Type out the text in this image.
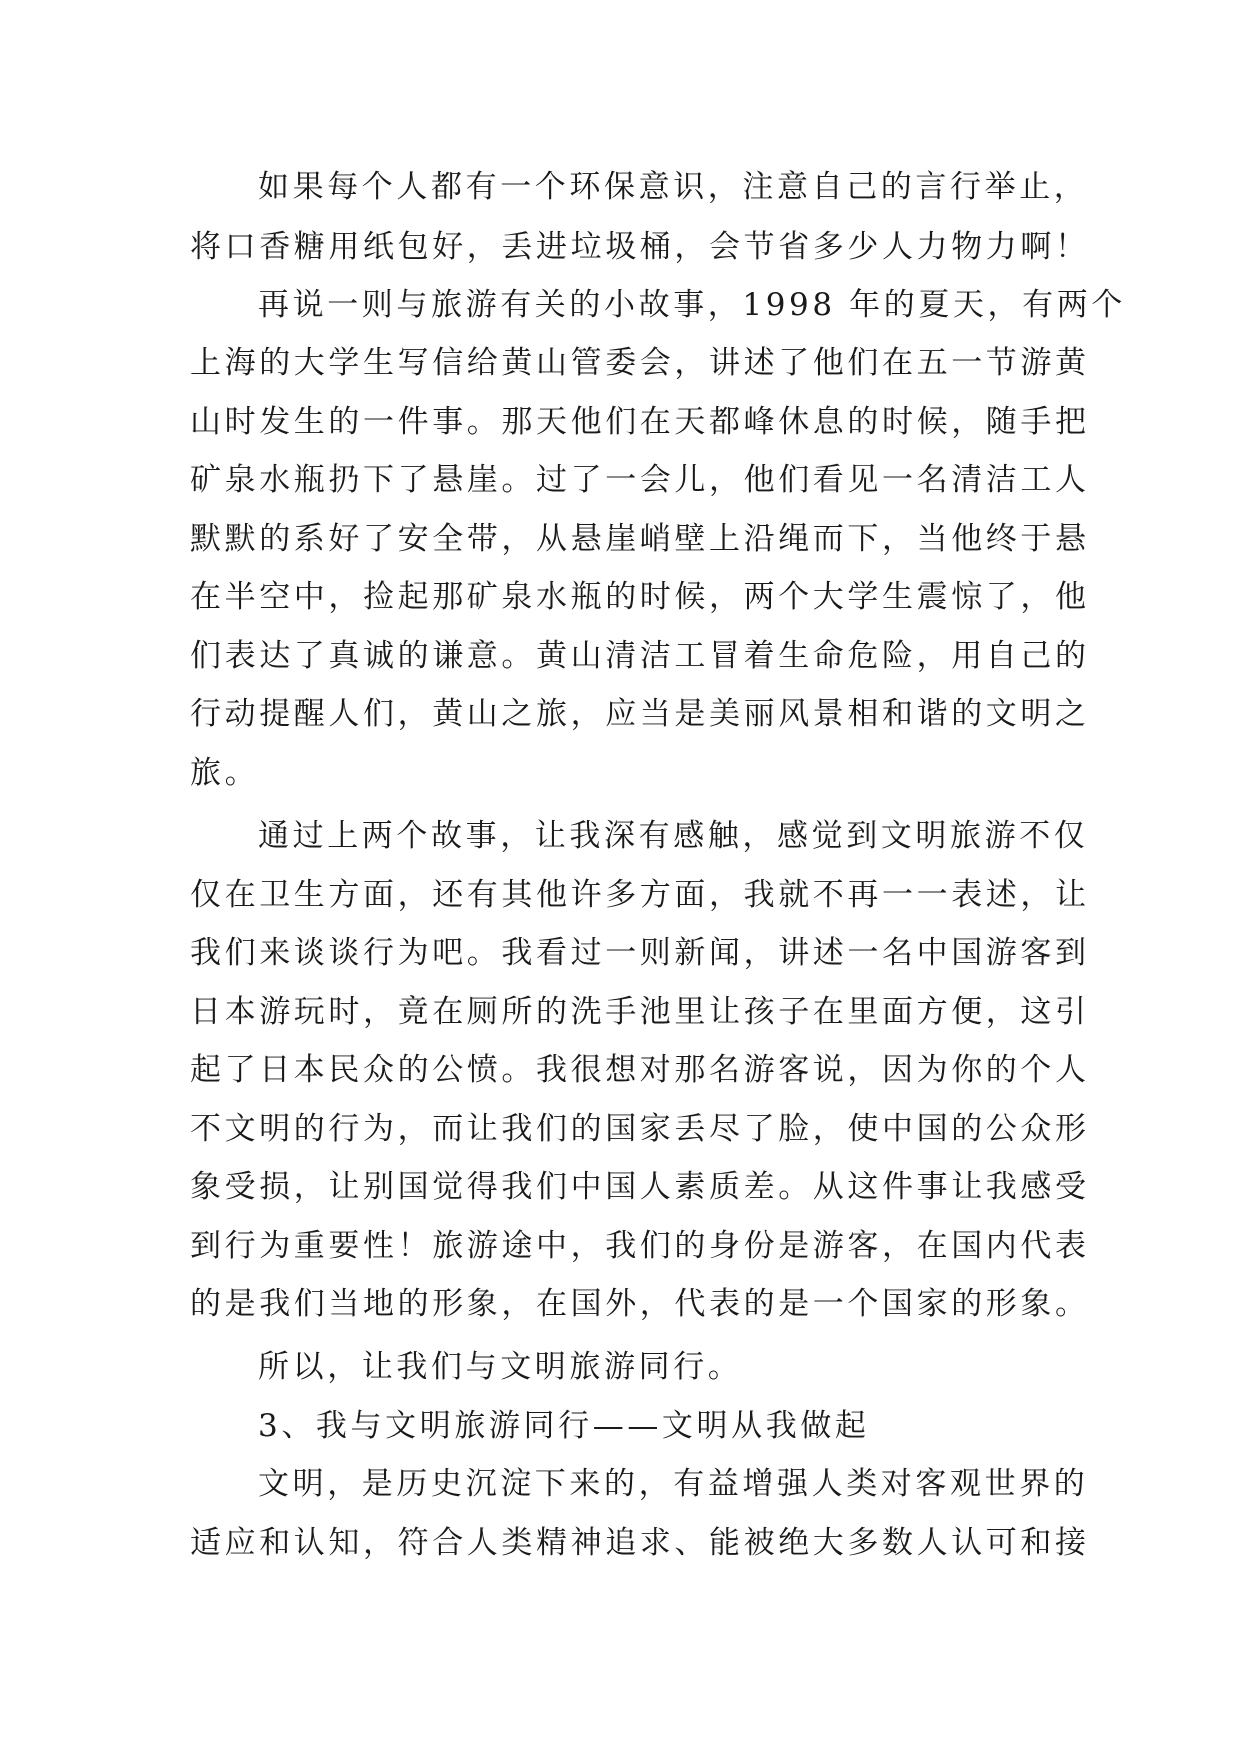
如果每个人都有一个环保意识，注意自己的言行举止，
将口香糖用纸包好，丢进垃圾桶，会节省多少人力物力啊！
再说一则与旅游有关的小故事，1998 年的夏天，有两个
上海的大学生写信给黄山管委会，讲述了他们在五一节游黄
山时发生的一件事。那天他们在天都峰休息的时候，随手把
矿泉水瓶扔下了悬崖。过了一会儿，他们看见一名清洁工人
默默的系好了安全带，从悬崖峭壁上沿绳而下，当他终于悬
在半空中，捡起那矿泉水瓶的时候，两个大学生震惊了，他
们表达了真诚的谦意。黄山清洁工冒着生命危险，用自己的
行动提醒人们，黄山之旅，应当是美丽风景相和谐的文明之
旅。
通过上两个故事，让我深有感触，感觉到文明旅游不仅
仅在卫生方面，还有其他许多方面，我就不再一一表述，让
我们来谈谈行为吧。我看过一则新闻，讲述一名中国游客到
日本游玩时，竟在厕所的洗手池里让孩子在里面方便，这引
起了日本民众的公愤。我很想对那名游客说，因为你的个人
不文明的行为，而让我们的国家丢尽了脸，使中国的公众形
象受损，让别国觉得我们中国人素质差。从这件事让我感受
到行为重要性！旅游途中，我们的身份是游客，在国内代表
的是我们当地的形象，在国外，代表的是一个国家的形象。
所以，让我们与文明旅游同行。
3、我与文明旅游同行——文明从我做起
文明，是历史沉淀下来的，有益增强人类对客观世界的
适应和认知，符合人类精神追求、能被绝大多数人认可和接
